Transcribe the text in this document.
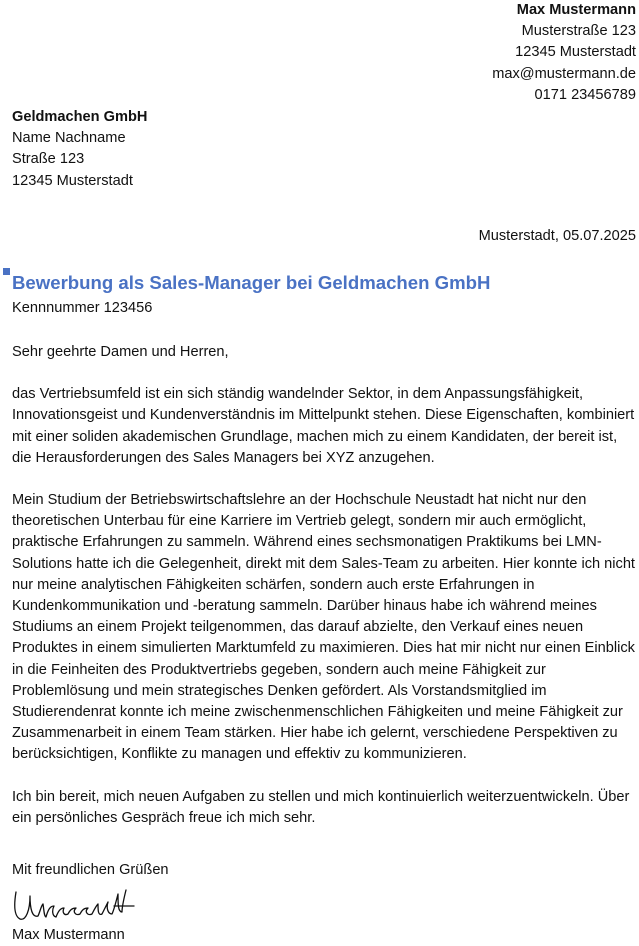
Max Mustermann
Musterstraße 123
12345 Musterstadt
max@mustermann.de
0171 23456789
Geldmachen GmbH
Name Nachname
Straße 123
12345 Musterstadt
Musterstadt, 05.07.2025
Bewerbung als Sales-Manager bei Geldmachen GmbH
Kennnummer 123456

Sehr geehrte Damen und Herren,

das Vertriebsumfeld ist ein sich ständig wandelnder Sektor, in dem Anpassungsfähigkeit, Innovationsgeist und Kundenverständnis im Mittelpunkt stehen. Diese Eigenschaften, kombiniert mit einer soliden akademischen Grundlage, machen mich zu einem Kandidaten, der bereit ist, die Herausforderungen des Sales Managers bei XYZ anzugehen.

Mein Studium der Betriebswirtschaftslehre an der Hochschule Neustadt hat nicht nur den theoretischen Unterbau für eine Karriere im Vertrieb gelegt, sondern mir auch ermöglicht, praktische Erfahrungen zu sammeln. Während eines sechsmonatigen Praktikums bei LMN-Solutions hatte ich die Gelegenheit, direkt mit dem Sales-Team zu arbeiten. Hier konnte ich nicht nur meine analytischen Fähigkeiten schärfen, sondern auch erste Erfahrungen in Kundenkommunikation und -beratung sammeln. Darüber hinaus habe ich während meines Studiums an einem Projekt teilgenommen, das darauf abzielte, den Verkauf eines neuen Produktes in einem simulierten Marktumfeld zu maximieren. Dies hat mir nicht nur einen Einblick in die Feinheiten des Produktvertriebs gegeben, sondern auch meine Fähigkeit zur Problemlösung und mein strategisches Denken gefördert. Als Vorstandsmitglied im Studierendenrat konnte ich meine zwischenmenschlichen Fähigkeiten und meine Fähigkeit zur Zusammenarbeit in einem Team stärken. Hier habe ich gelernt, verschiedene Perspektiven zu berücksichtigen, Konflikte zu managen und effektiv zu kommunizieren.

Ich bin bereit, mich neuen Aufgaben zu stellen und mich kontinuierlich weiterzuentwickeln. Über ein persönliches Gespräch freue ich mich sehr.

Mit freundlichen Grüßen
Max Mustermann
